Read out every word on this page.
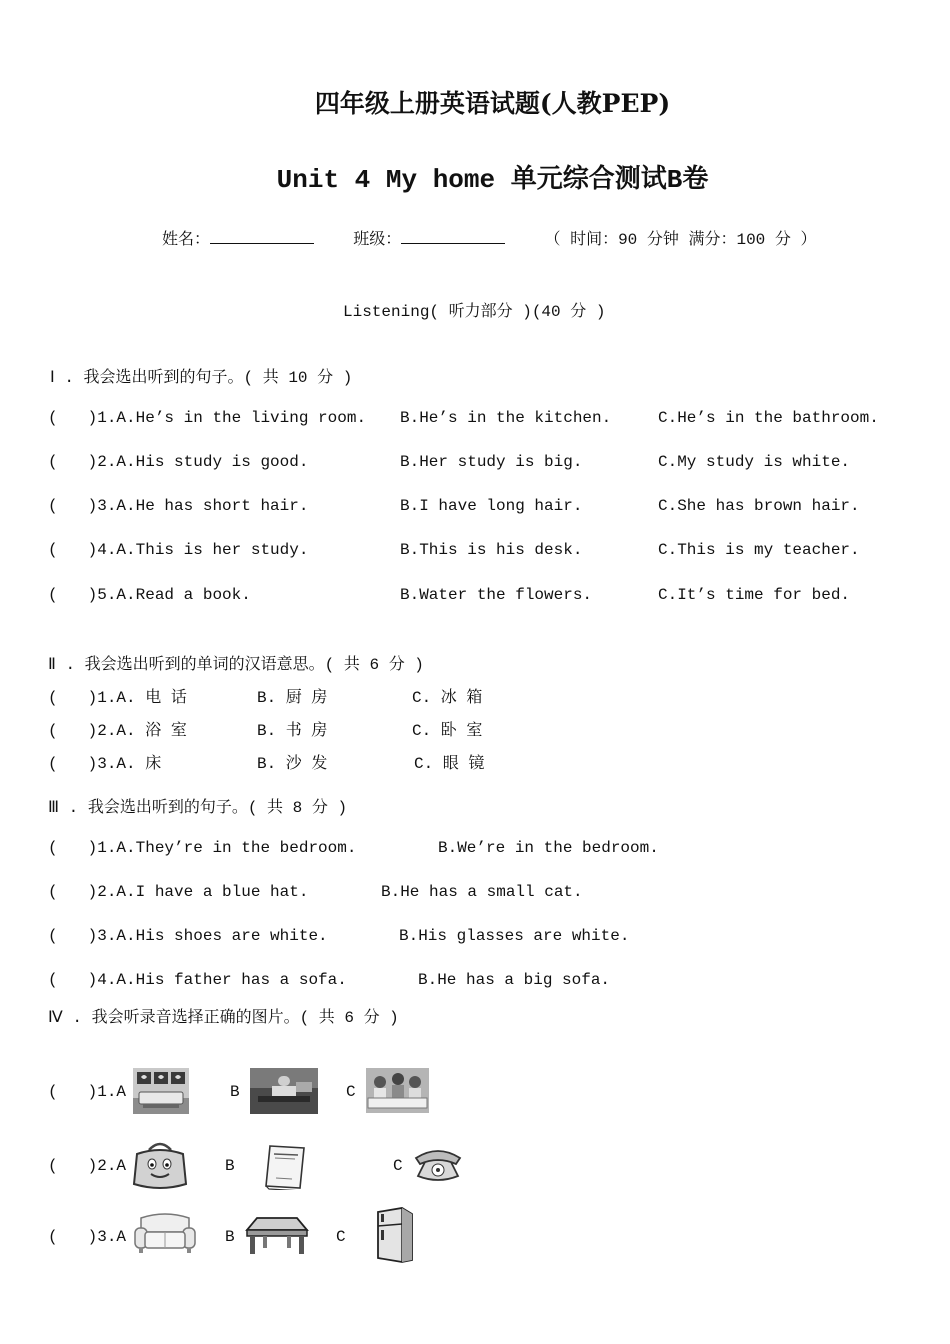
四年级上册英语试题(人教PEP)
Unit 4 My home 单元综合测试B卷
姓名：	班级：	（ 时间：90 分钟 满分：100 分 ）
Listening( 听力部分 )(40 分 )
Ⅰ . 我会选出听到的句子。( 共 10 分 )
( )1.A.He’s in the living room. B.He’s in the kitchen.	C.He’s in the bathroom.
( )2.A.His study is good.	B.Her study is big.	C.My study is white.
( )3.A.He has short hair.	B.I have long hair.	C.She has brown hair.
( )4.A.This is her study.	B.This is his desk.	C.This is my teacher.
( )5.A.Read a book.	B.Water the flowers.	C.It’s time for bed.
Ⅱ . 我会选出听到的单词的汉语意思。( 共 6 分 )
( )1.A. 电 话	B. 厨 房	C. 冰 箱
( )2.A. 浴 室	B. 书 房	C. 卧 室
( )3.A. 床	B. 沙 发	C. 眼 镜
Ⅲ . 我会选出听到的句子。( 共 8 分 )
( )1.A.They’re in the bedroom.	B.We’re in the bedroom.
( )2.A.I have a blue hat.	B.He has a small cat.
( )3.A.His shoes are white.	B.His glasses are white.
( )4.A.His father has a sofa.	B.He has a big sofa.
Ⅳ . 我会听录音选择正确的图片。( 共 6 分 )
( )1.A	B	C
( )2.A	B	C
( )3.A	B	C
